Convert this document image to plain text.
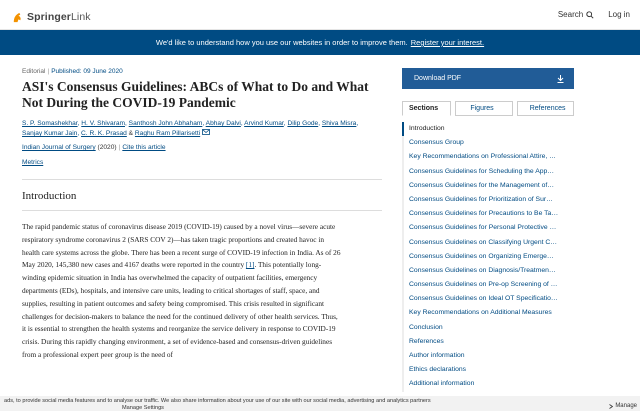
SpringerLink	Search	Log in
We'd like to understand how you use our websites in order to improve them. Register your interest.
Editorial | Published: 09 June 2020
ASI's Consensus Guidelines: ABCs of What to Do and What Not During the COVID-19 Pandemic
S. P. Somashekhar, H. V. Shivaram, Santhosh John Abhaham, Abhay Dalvi, Arvind Kumar, Dilip Gode, Shiva Misra, Sanjay Kumar Jain, C. R. K. Prasad & Raghu Ram Pillarisetti
Indian Journal of Surgery (2020) | Cite this article
Metrics
Introduction

The rapid pandemic status of coronavirus disease 2019 (COVID-19) caused by a novel virus—severe acute respiratory syndrome coronavirus 2 (SARS COV 2)—has taken tragic proportions and created havoc in health care systems across the globe. There has been a recent surge of COVID-19 infection in India. As of 26 May 2020, 145,380 new cases and 4167 deaths were reported in the country [1]. This potentially long-winding epidemic situation in India has overwhelmed the capacity of outpatient facilities, emergency departments (EDs), hospitals, and intensive care units, leading to critical shortages of staff, space, and supplies, resulting in patient outcomes and safety being compromised. This crisis resulted in significant challenges for decision-makers to balance the need for the continued delivery of other health services. Thus, it is essential to strengthen the health systems and reorganize the service delivery in response to COVID-19 crisis. During this rapidly changing environment, a set of evidence-based and consensus-driven guidelines from a professional expert peer group is the need of

Download PDF
Sections	Figures	References
Introduction
Consensus Group
Key Recommendations on Professional Attire, …
Consensus Guidelines for Scheduling the App…
Consensus Guidelines for the Management of…
Consensus Guidelines for Prioritization of Sur…
Consensus Guidelines for Precautions to Be Ta…
Consensus Guidelines for Personal Protective …
Consensus Guidelines on Classifying Urgent C…
Consensus Guidelines on Organizing Emerge…
Consensus Guidelines on Diagnosis/Treatmen…
Consensus Guidelines on Pre-op Screening of …
Consensus Guidelines on Ideal OT Specificatio…
Key Recommendations on Additional Measures
Conclusion
References
Author information
Ethics declarations
Additional information
ads, to provide social media features and to analyse our traffic. We also share information about your use of our site with our social media, advertising and analytics partners
Manage Settings	Manage
